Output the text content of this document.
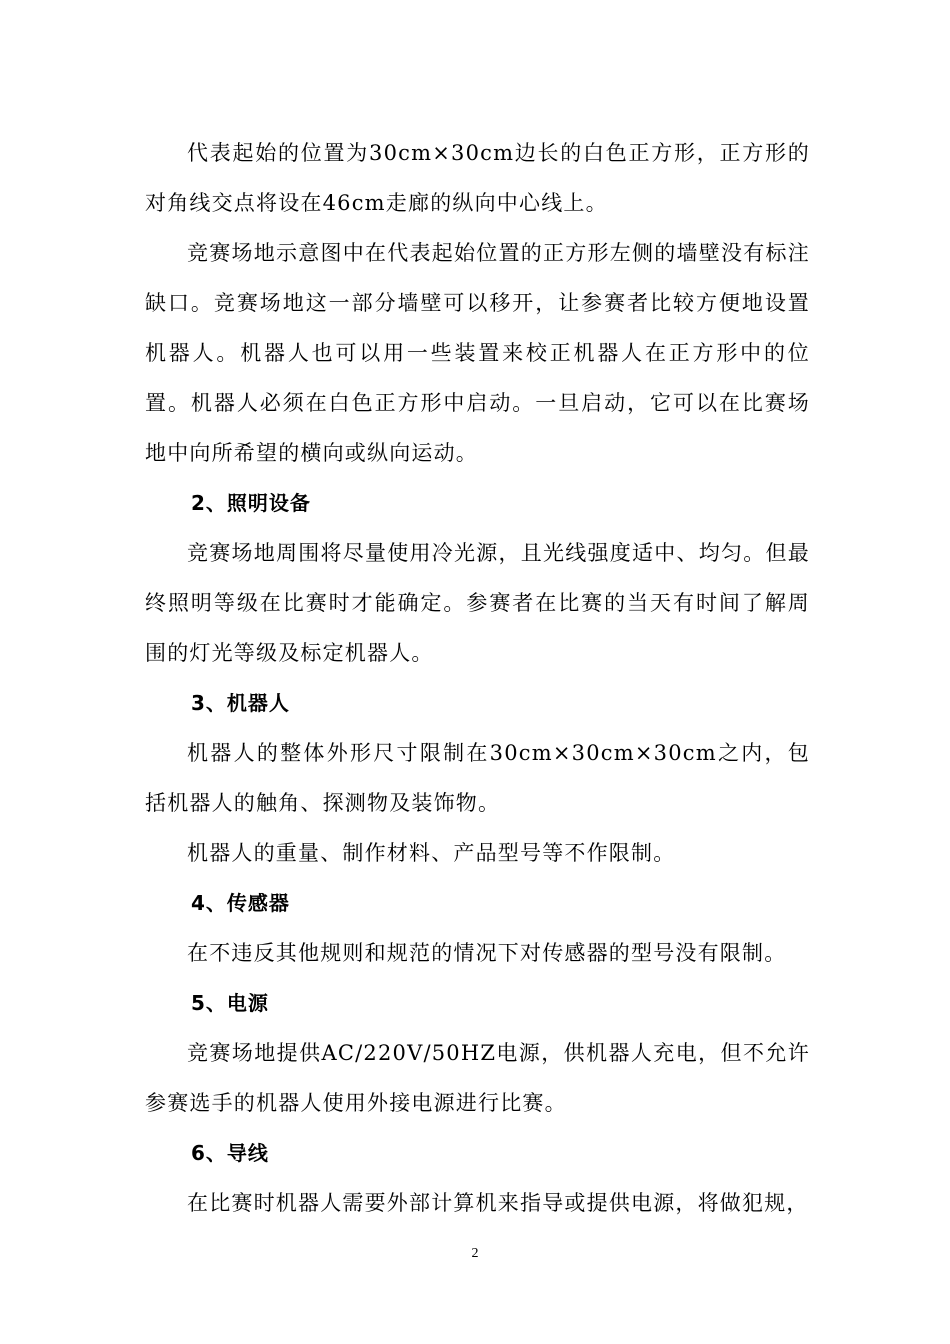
代表起始的位置为30cm×30cm边长的白色正方形，正方形的对角线交点将设在46cm走廊的纵向中心线上。

竞赛场地示意图中在代表起始位置的正方形左侧的墙壁没有标注缺口。竞赛场地这一部分墙壁可以移开，让参赛者比较方便地设置机器人。机器人也可以用一些装置来校正机器人在正方形中的位置。机器人必须在白色正方形中启动。一旦启动，它可以在比赛场地中向所希望的横向或纵向运动。

2、照明设备

竞赛场地周围将尽量使用冷光源，且光线强度适中、均匀。但最终照明等级在比赛时才能确定。参赛者在比赛的当天有时间了解周围的灯光等级及标定机器人。

3、机器人

机器人的整体外形尺寸限制在30cm×30cm×30cm之内，包括机器人的触角、探测物及装饰物。

机器人的重量、制作材料、产品型号等不作限制。

4、传感器

在不违反其他规则和规范的情况下对传感器的型号没有限制。

5、电源

竞赛场地提供AC/220V/50HZ电源，供机器人充电，但不允许参赛选手的机器人使用外接电源进行比赛。

6、导线

在比赛时机器人需要外部计算机来指导或提供电源，将做犯规，

2
